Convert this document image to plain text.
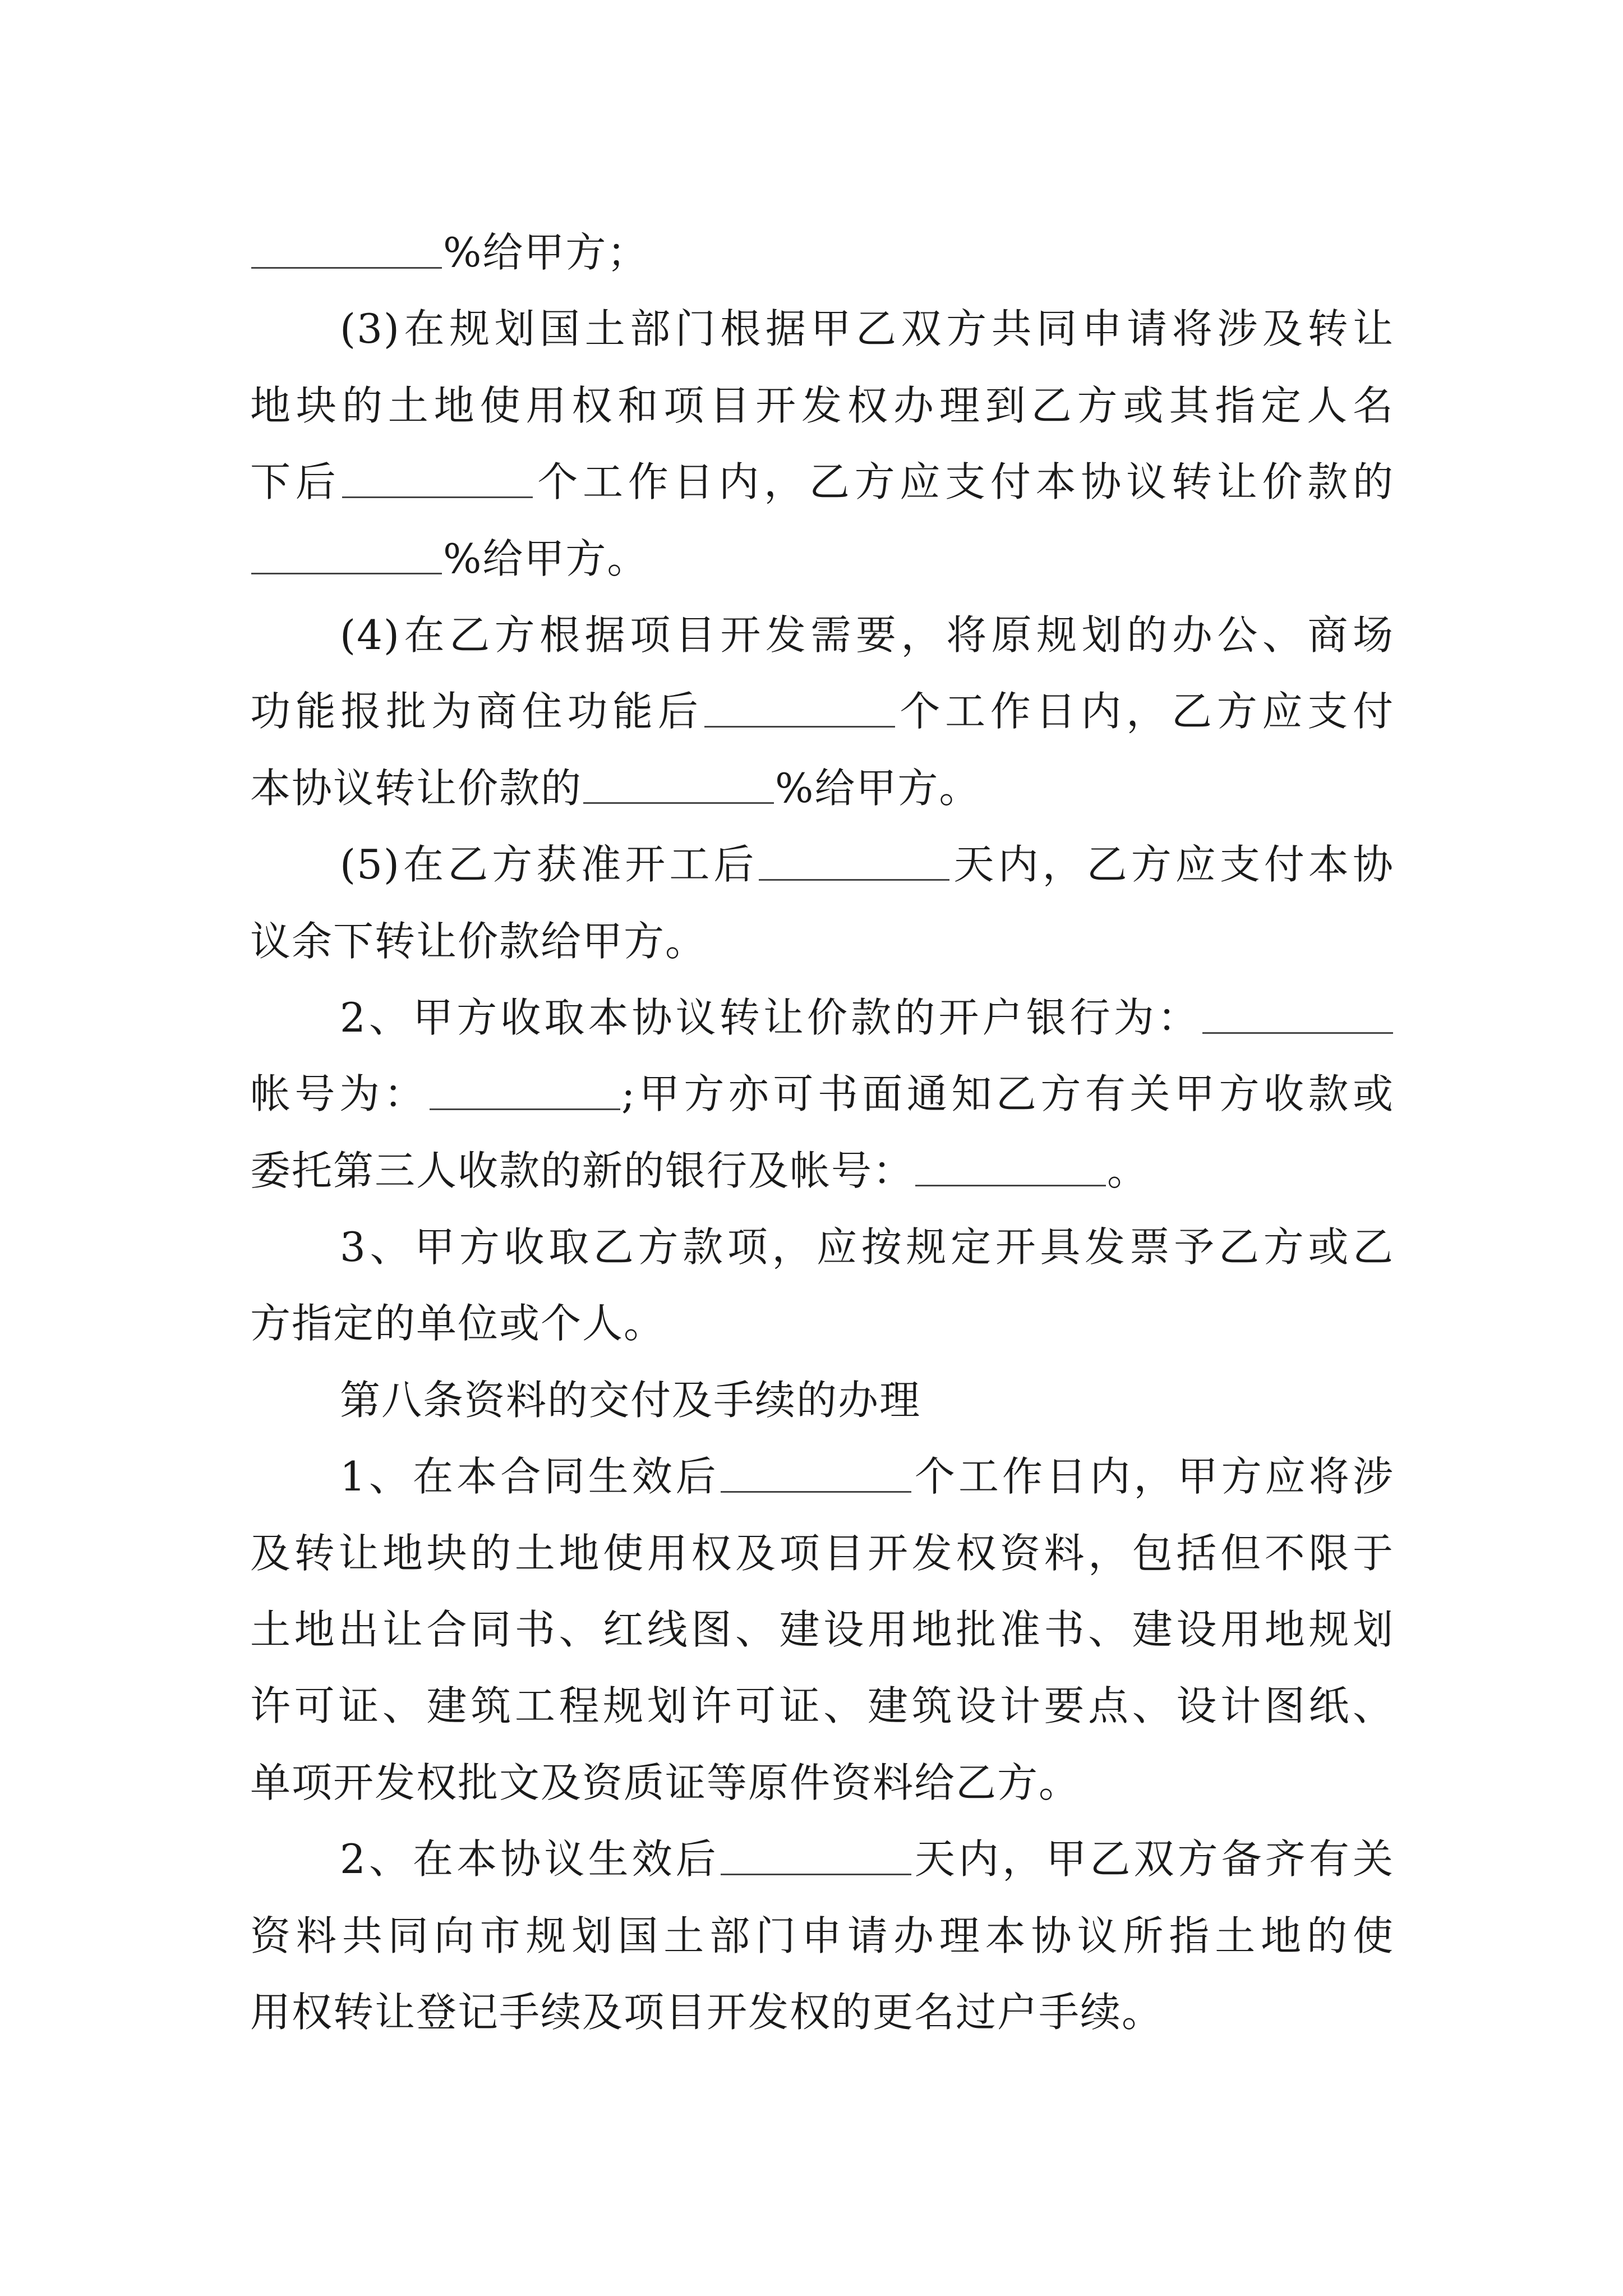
%给甲方；
(3)在规划国土部门根据甲乙双方共同申请将涉及转让
地块的土地使用权和项目开发权办理到乙方或其指定人名
下后	个工作日内，乙方应支付本协议转让价款的
%给甲方。
(4)在乙方根据项目开发需要，将原规划的办公、商场
功能报批为商住功能后	个工作日内，乙方应支付
本协议转让价款的	%给甲方。
(5)在乙方获准开工后	天内，乙方应支付本协
议余下转让价款给甲方。
2、甲方收取本协议转让价款的开户银行为：
帐号为：	;甲方亦可书面通知乙方有关甲方收款或
委托第三人收款的新的银行及帐号：	。
3、甲方收取乙方款项，应按规定开具发票予乙方或乙
方指定的单位或个人。
第八条资料的交付及手续的办理
1、在本合同生效后	个工作日内，甲方应将涉
及转让地块的土地使用权及项目开发权资料，包括但不限于
土地出让合同书、红线图、建设用地批准书、建设用地规划
许可证、建筑工程规划许可证、建筑设计要点、设计图纸、
单项开发权批文及资质证等原件资料给乙方。
2、在本协议生效后	天内，甲乙双方备齐有关
资料共同向市规划国土部门申请办理本协议所指土地的使
用权转让登记手续及项目开发权的更名过户手续。
